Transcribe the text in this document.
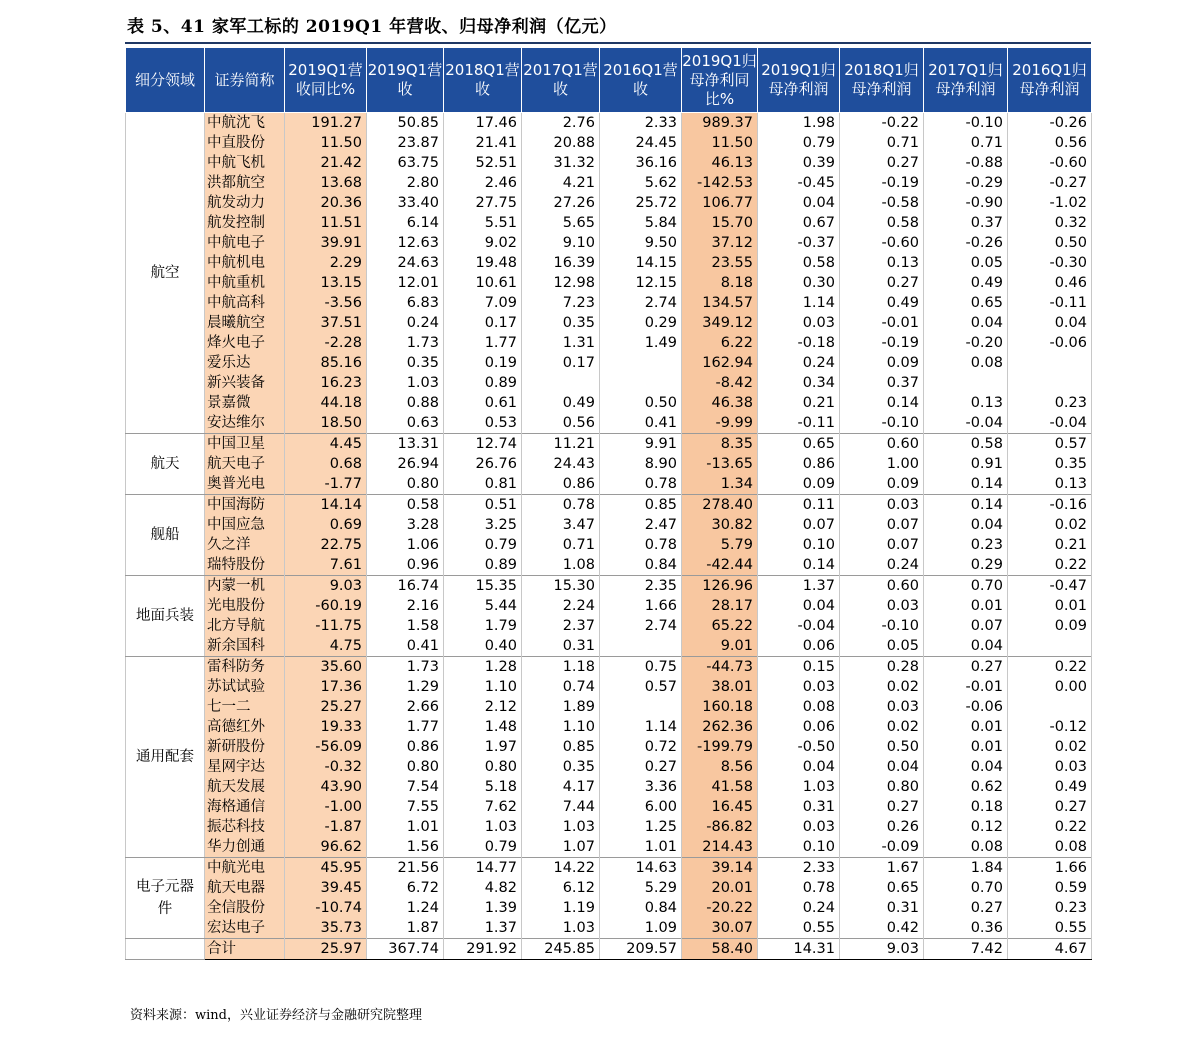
表 5、41 家军工标的 2019Q1 年营收、归母净利润（亿元）
细分领域	证券简称	2019Q1营收同比%	2019Q1营收	2018Q1营收	2017Q1营收	2016Q1营收	2019Q1归母净利同比%	2019Q1归母净利润	2018Q1归母净利润	2017Q1归母净利润	2016Q1归母净利润
航空	中航沈飞	191.27	50.85	17.46	2.76	2.33	989.37	1.98	-0.22	-0.10	-0.26
	中直股份	11.50	23.87	21.41	20.88	24.45	11.50	0.79	0.71	0.71	0.56
	中航飞机	21.42	63.75	52.51	31.32	36.16	46.13	0.39	0.27	-0.88	-0.60
	洪都航空	13.68	2.80	2.46	4.21	5.62	-142.53	-0.45	-0.19	-0.29	-0.27
	航发动力	20.36	33.40	27.75	27.26	25.72	106.77	0.04	-0.58	-0.90	-1.02
	航发控制	11.51	6.14	5.51	5.65	5.84	15.70	0.67	0.58	0.37	0.32
	中航电子	39.91	12.63	9.02	9.10	9.50	37.12	-0.37	-0.60	-0.26	0.50
	中航机电	2.29	24.63	19.48	16.39	14.15	23.55	0.58	0.13	0.05	-0.30
	中航重机	13.15	12.01	10.61	12.98	12.15	8.18	0.30	0.27	0.49	0.46
	中航高科	-3.56	6.83	7.09	7.23	2.74	134.57	1.14	0.49	0.65	-0.11
	晨曦航空	37.51	0.24	0.17	0.35	0.29	349.12	0.03	-0.01	0.04	0.04
	烽火电子	-2.28	1.73	1.77	1.31	1.49	6.22	-0.18	-0.19	-0.20	-0.06
	爱乐达	85.16	0.35	0.19	0.17		162.94	0.24	0.09	0.08	
	新兴装备	16.23	1.03	0.89			-8.42	0.34	0.37		
	景嘉微	44.18	0.88	0.61	0.49	0.50	46.38	0.21	0.14	0.13	0.23
	安达维尔	18.50	0.63	0.53	0.56	0.41	-9.99	-0.11	-0.10	-0.04	-0.04
航天	中国卫星	4.45	13.31	12.74	11.21	9.91	8.35	0.65	0.60	0.58	0.57
	航天电子	0.68	26.94	26.76	24.43	8.90	-13.65	0.86	1.00	0.91	0.35
	奥普光电	-1.77	0.80	0.81	0.86	0.78	1.34	0.09	0.09	0.14	0.13
舰船	中国海防	14.14	0.58	0.51	0.78	0.85	278.40	0.11	0.03	0.14	-0.16
	中国应急	0.69	3.28	3.25	3.47	2.47	30.82	0.07	0.07	0.04	0.02
	久之洋	22.75	1.06	0.79	0.71	0.78	5.79	0.10	0.07	0.23	0.21
	瑞特股份	7.61	0.96	0.89	1.08	0.84	-42.44	0.14	0.24	0.29	0.22
地面兵装	内蒙一机	9.03	16.74	15.35	15.30	2.35	126.96	1.37	0.60	0.70	-0.47
	光电股份	-60.19	2.16	5.44	2.24	1.66	28.17	0.04	0.03	0.01	0.01
	北方导航	-11.75	1.58	1.79	2.37	2.74	65.22	-0.04	-0.10	0.07	0.09
	新余国科	4.75	0.41	0.40	0.31		9.01	0.06	0.05	0.04	
通用配套	雷科防务	35.60	1.73	1.28	1.18	0.75	-44.73	0.15	0.28	0.27	0.22
	苏试试验	17.36	1.29	1.10	0.74	0.57	38.01	0.03	0.02	-0.01	0.00
	七一二	25.27	2.66	2.12	1.89		160.18	0.08	0.03	-0.06	
	高德红外	19.33	1.77	1.48	1.10	1.14	262.36	0.06	0.02	0.01	-0.12
	新研股份	-56.09	0.86	1.97	0.85	0.72	-199.79	-0.50	0.50	0.01	0.02
	星网宇达	-0.32	0.80	0.80	0.35	0.27	8.56	0.04	0.04	0.04	0.03
	航天发展	43.90	7.54	5.18	4.17	3.36	41.58	1.03	0.80	0.62	0.49
	海格通信	-1.00	7.55	7.62	7.44	6.00	16.45	0.31	0.27	0.18	0.27
	振芯科技	-1.87	1.01	1.03	1.03	1.25	-86.82	0.03	0.26	0.12	0.22
	华力创通	96.62	1.56	0.79	1.07	1.01	214.43	0.10	-0.09	0.08	0.08
电子元器件	中航光电	45.95	21.56	14.77	14.22	14.63	39.14	2.33	1.67	1.84	1.66
	航天电器	39.45	6.72	4.82	6.12	5.29	20.01	0.78	0.65	0.70	0.59
	全信股份	-10.74	1.24	1.39	1.19	0.84	-20.22	0.24	0.31	0.27	0.23
	宏达电子	35.73	1.87	1.37	1.03	1.09	30.07	0.55	0.42	0.36	0.55
	合计	25.97	367.74	291.92	245.85	209.57	58.40	14.31	9.03	7.42	4.67
资料来源：wind，兴业证券经济与金融研究院整理
